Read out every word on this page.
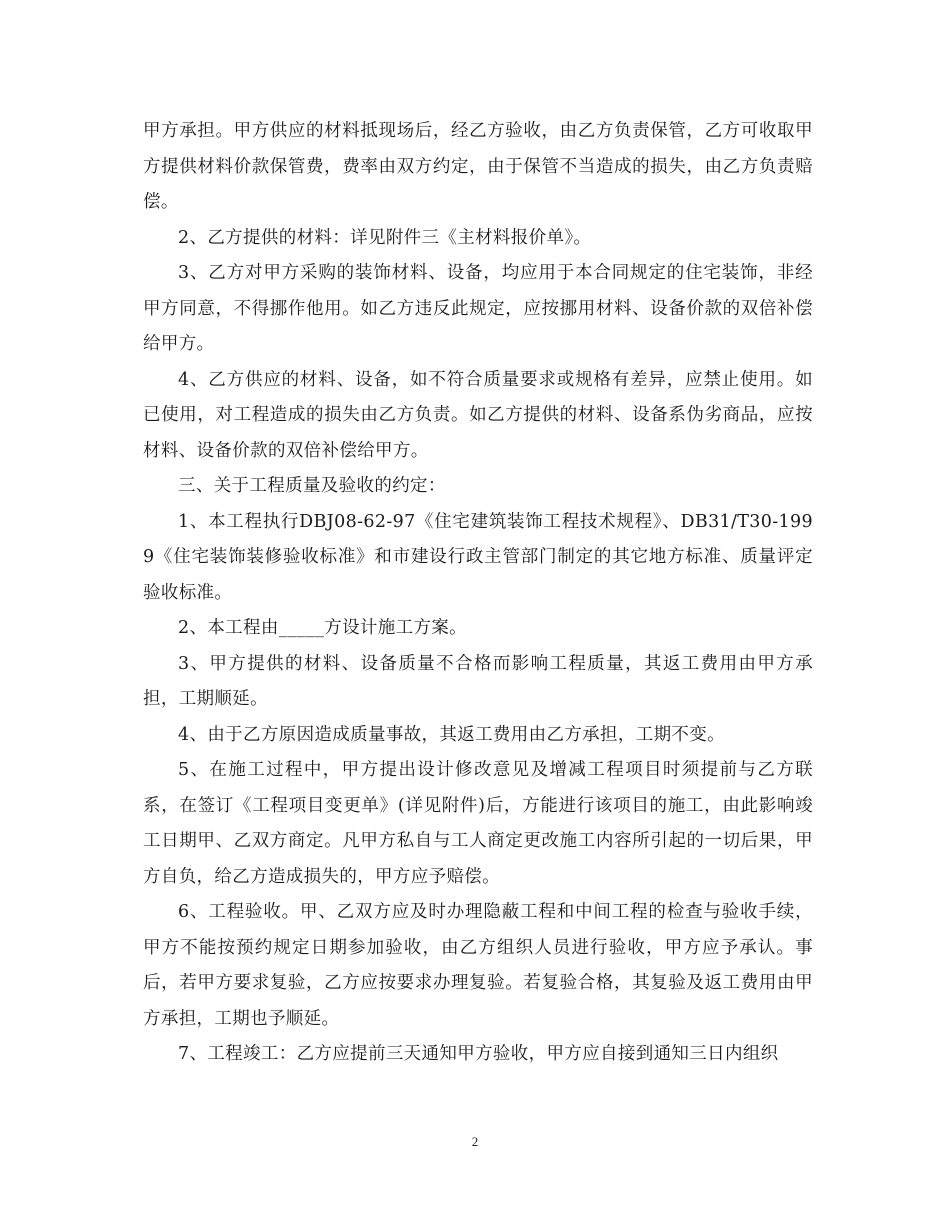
甲方承担。甲方供应的材料抵现场后，经乙方验收，由乙方负责保管，乙方可收取甲方提供材料价款保管费，费率由双方约定，由于保管不当造成的损失，由乙方负责赔偿。

2、乙方提供的材料：详见附件三《主材料报价单》。

3、乙方对甲方采购的装饰材料、设备，均应用于本合同规定的住宅装饰，非经甲方同意，不得挪作他用。如乙方违反此规定，应按挪用材料、设备价款的双倍补偿给甲方。

4、乙方供应的材料、设备，如不符合质量要求或规格有差异，应禁止使用。如已使用，对工程造成的损失由乙方负责。如乙方提供的材料、设备系伪劣商品，应按材料、设备价款的双倍补偿给甲方。

三、关于工程质量及验收的约定：

1、本工程执行DBJ08-62-97《住宅建筑装饰工程技术规程》、DB31/T30-1999《住宅装饰装修验收标准》和市建设行政主管部门制定的其它地方标准、质量评定验收标准。

2、本工程由_____方设计施工方案。

3、甲方提供的材料、设备质量不合格而影响工程质量，其返工费用由甲方承担，工期顺延。

4、由于乙方原因造成质量事故，其返工费用由乙方承担，工期不变。

5、在施工过程中，甲方提出设计修改意见及增减工程项目时须提前与乙方联系，在签订《工程项目变更单》(详见附件)后，方能进行该项目的施工，由此影响竣工日期甲、乙双方商定。凡甲方私自与工人商定更改施工内容所引起的一切后果，甲方自负，给乙方造成损失的，甲方应予赔偿。

6、工程验收。甲、乙双方应及时办理隐蔽工程和中间工程的检查与验收手续，甲方不能按预约规定日期参加验收，由乙方组织人员进行验收，甲方应予承认。事后，若甲方要求复验，乙方应按要求办理复验。若复验合格，其复验及返工费用由甲方承担，工期也予顺延。

7、工程竣工：乙方应提前三天通知甲方验收，甲方应自接到通知三日内组织

2
